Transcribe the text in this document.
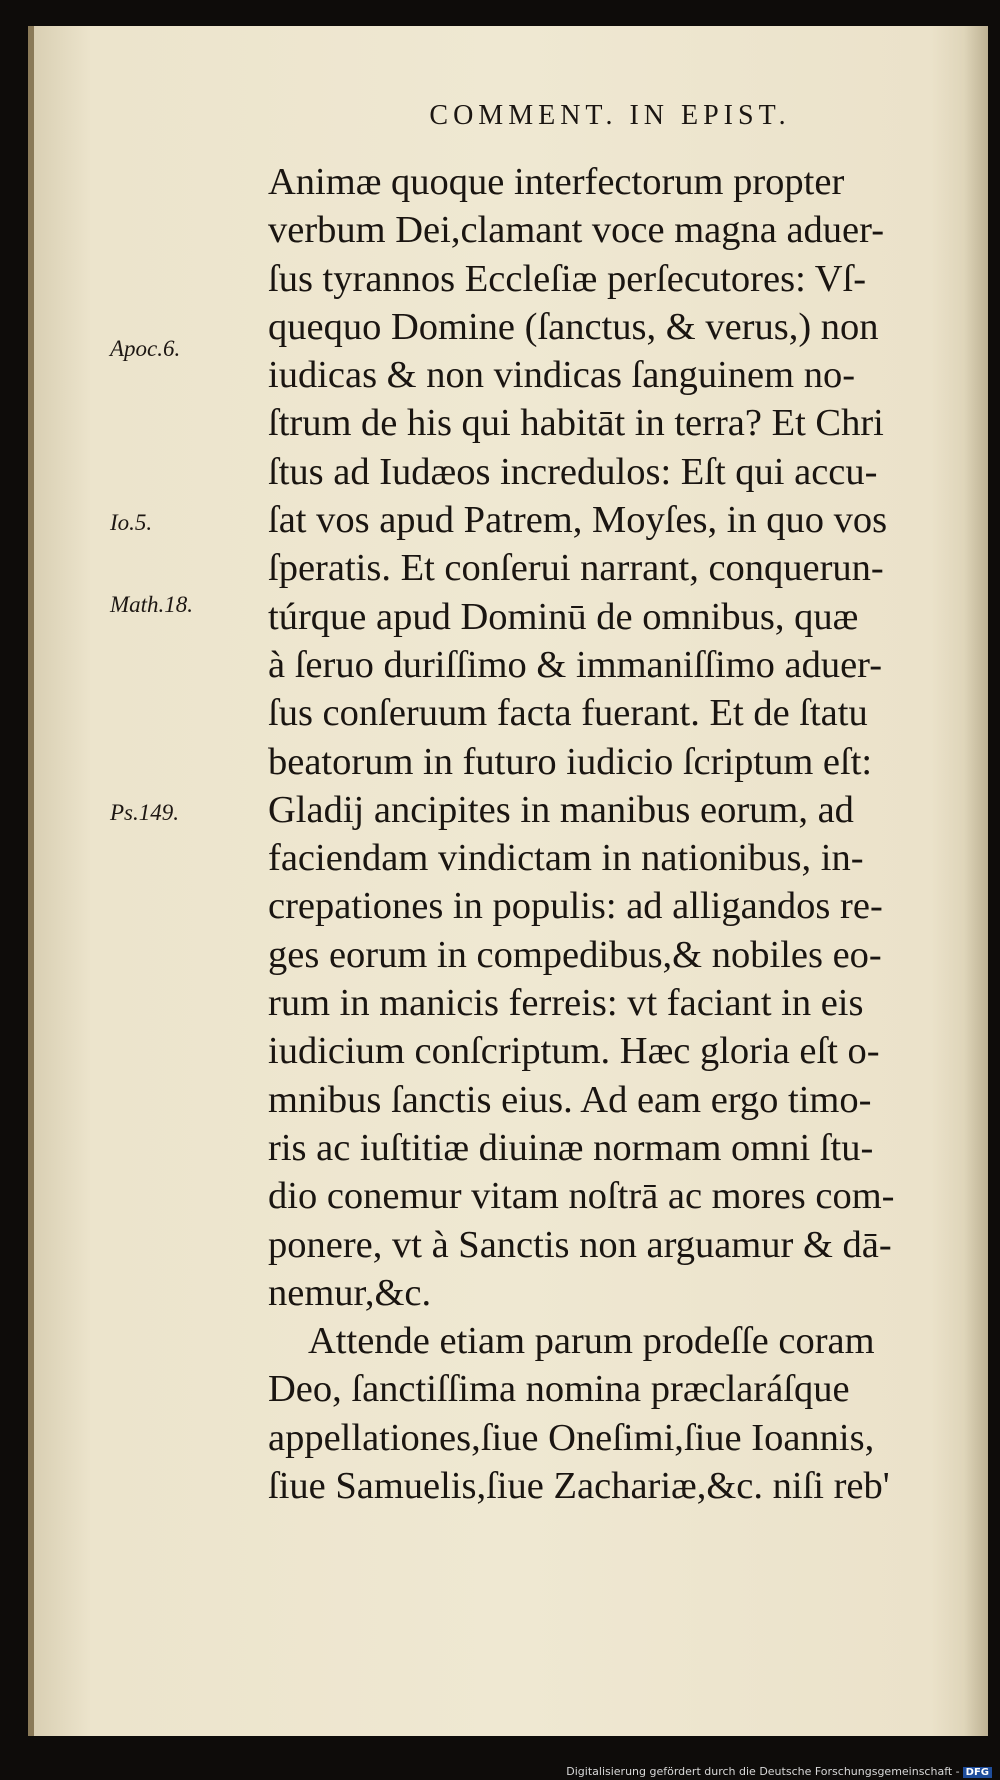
COMMENT. IN EPIST.
Apoc.6.
Io.5.
Math.18.
Ps.149.
Animæ quoque interfectorum propter
verbum Dei,clamant voce magna aduer-
ſus tyrannos Eccleſiæ perſecutores: Vſ-
quequo Domine (ſanctus, & verus,) non
iudicas & non vindicas ſanguinem no-
ſtrum de his qui habitāt in terra? Et Chri
ſtus ad Iudæos incredulos: Eſt qui accu-
ſat vos apud Patrem, Moyſes, in quo vos
ſperatis. Et conſerui narrant, conquerun-
túrque apud Dominū de omnibus, quæ
à ſeruo duriſſimo & immaniſſimo aduer-
ſus conſeruum facta fuerant. Et de ſtatu
beatorum in futuro iudicio ſcriptum eſt:
Gladij ancipites in manibus eorum, ad
faciendam vindictam in nationibus, in-
crepationes in populis: ad alligandos re-
ges eorum in compedibus,& nobiles eo-
rum in manicis ferreis: vt faciant in eis
iudicium conſcriptum. Hæc gloria eſt o-
mnibus ſanctis eius. Ad eam ergo timo-
ris ac iuſtitiæ diuinæ normam omni ſtu-
dio conemur vitam noſtrā ac mores com-
ponere, vt à Sanctis non arguamur & dā-
nemur,&c.
Attende etiam parum prodeſſe coram
Deo, ſanctiſſima nomina præclaráſque
appellationes,ſiue Oneſimi,ſiue Ioannis,
ſiue Samuelis,ſiue Zachariæ,&c. niſi reb'
Digitalisierung gefördert durch die Deutsche Forschungsgemeinschaft - DFG
